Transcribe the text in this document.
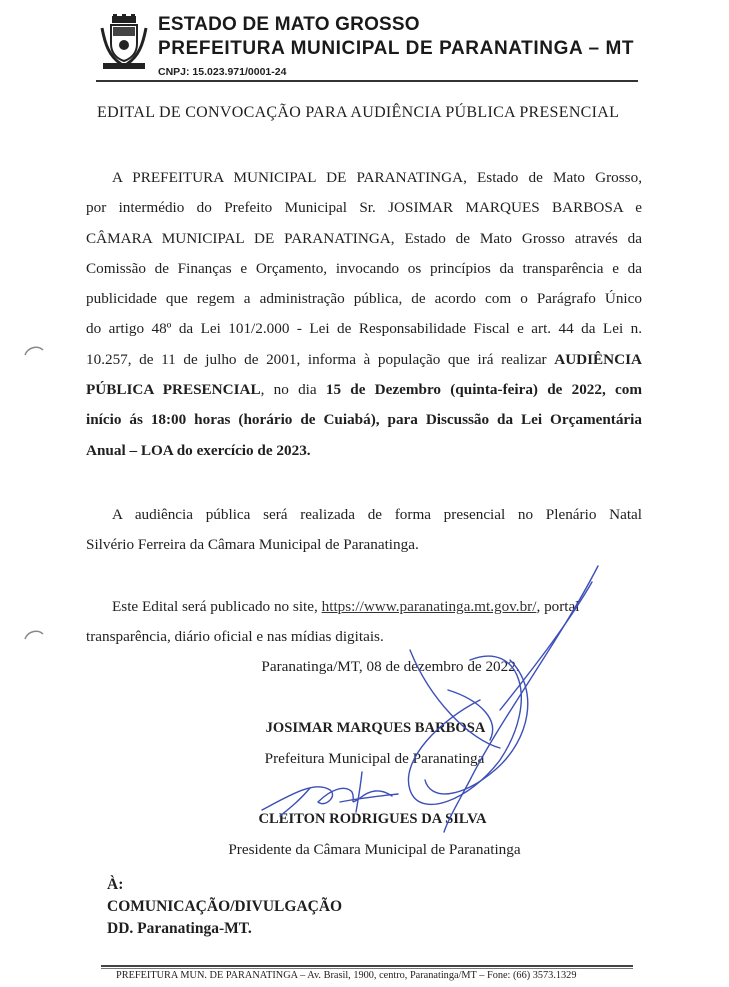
ESTADO DE MATO GROSSO
PREFEITURA MUNICIPAL DE PARANATINGA – MT
CNPJ: 15.023.971/0001-24
EDITAL DE CONVOCAÇÃO PARA AUDIÊNCIA PÚBLICA PRESENCIAL
A PREFEITURA MUNICIPAL DE PARANATINGA, Estado de Mato Grosso,
por intermédio do Prefeito Municipal Sr. JOSIMAR MARQUES BARBOSA e
CÂMARA MUNICIPAL DE PARANATINGA, Estado de Mato Grosso através da
Comissão de Finanças e Orçamento, invocando os princípios da transparência e da
publicidade que regem a administração pública, de acordo com o Parágrafo Único
do artigo 48º da Lei 101/2.000 - Lei de Responsabilidade Fiscal e art. 44 da Lei n.
10.257, de 11 de julho de 2001, informa à população que irá realizar AUDIÊNCIA
PÚBLICA PRESENCIAL, no dia 15 de Dezembro (quinta-feira) de 2022, com
início ás 18:00 horas (horário de Cuiabá), para Discussão da Lei Orçamentária
Anual – LOA do exercício de 2023.
A audiência pública será realizada de forma presencial no Plenário Natal
Silvério Ferreira da Câmara Municipal de Paranatinga.
Este Edital será publicado no site, https://www.paranatinga.mt.gov.br/, portal
transparência, diário oficial e nas mídias digitais.
Paranatinga/MT, 08 de dezembro de 2022.
JOSIMAR MARQUES BARBOSA
Prefeitura Municipal de Paranatinga
CLEITON RODRIGUES DA SILVA
Presidente da Câmara Municipal de Paranatinga
À:
COMUNICAÇÃO/DIVULGAÇÃO
DD. Paranatinga-MT.
PREFEITURA MUN. DE PARANATINGA – Av. Brasil, 1900, centro, Paranatinga/MT – Fone: (66) 3573.1329
